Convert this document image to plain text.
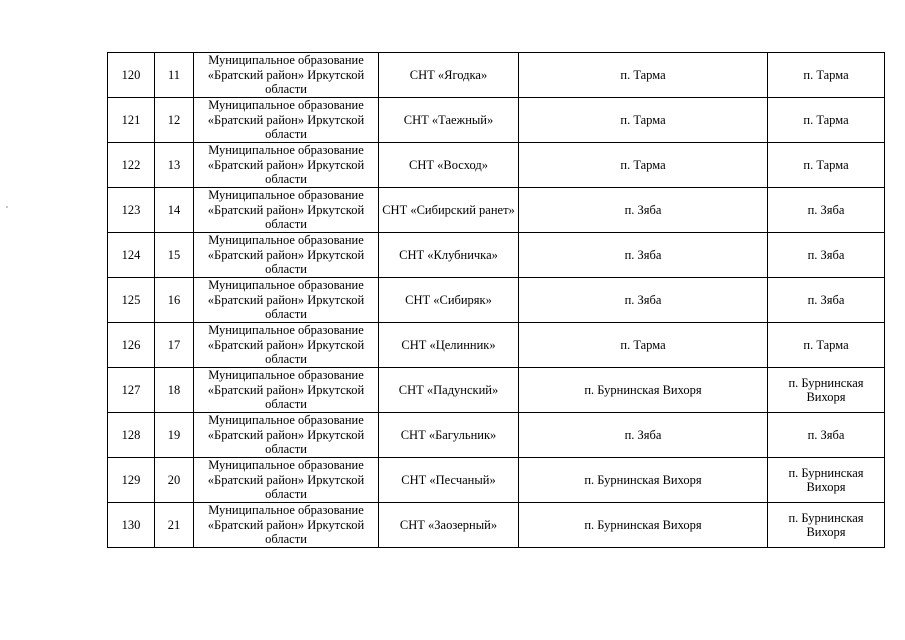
120	11	Муниципальное образование
«Братский район» Иркутской
области	СНТ «Ягодка»	п. Тарма	п. Тарма
121	12	Муниципальное образование
«Братский район» Иркутской
области	СНТ «Таежный»	п. Тарма	п. Тарма
122	13	Муниципальное образование
«Братский район» Иркутской
области	СНТ «Восход»	п. Тарма	п. Тарма
123	14	Муниципальное образование
«Братский район» Иркутской
области	СНТ «Сибирский ранет»	п. Зяба	п. Зяба
124	15	Муниципальное образование
«Братский район» Иркутской
области	СНТ «Клубничка»	п. Зяба	п. Зяба
125	16	Муниципальное образование
«Братский район» Иркутской
области	СНТ «Сибиряк»	п. Зяба	п. Зяба
126	17	Муниципальное образование
«Братский район» Иркутской
области	СНТ «Целинник»	п. Тарма	п. Тарма
127	18	Муниципальное образование
«Братский район» Иркутской
области	СНТ «Падунский»	п. Бурнинская Вихоря	п. Бурнинская Вихоря
128	19	Муниципальное образование
«Братский район» Иркутской
области	СНТ «Багульник»	п. Зяба	п. Зяба
129	20	Муниципальное образование
«Братский район» Иркутской
области	СНТ «Песчаный»	п. Бурнинская Вихоря	п. Бурнинская Вихоря
130	21	Муниципальное образование
«Братский район» Иркутской
области	СНТ «Заозерный»	п. Бурнинская Вихоря	п. Бурнинская Вихоря
